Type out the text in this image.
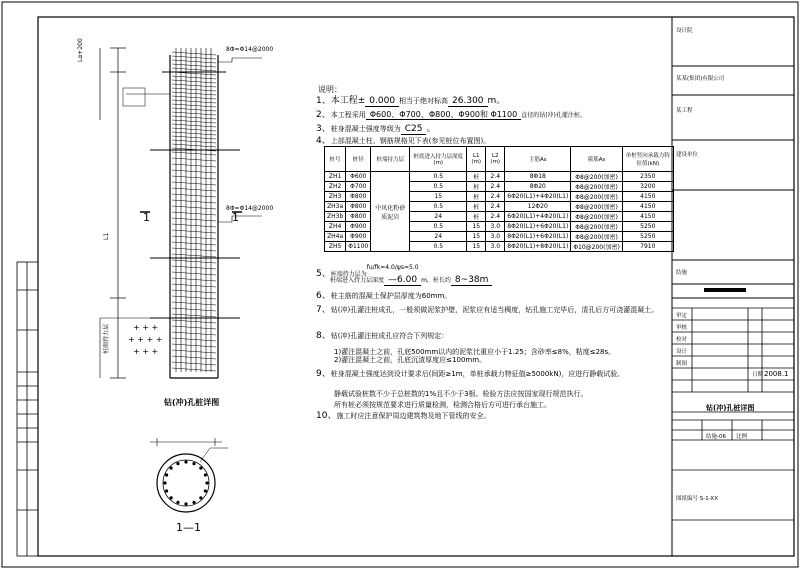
+ + +
+ + + +
+ + +
8Φ=Φ14@2000
8Φ=Φ14@2000
Lα+200
L1
1	1
桩端持力层
钻(冲)孔桩详图
1—1
说明：
1、本工程± 0.000 相当于绝对标高 26.300 m。
2、本工程采用 Φ600、Φ700、Φ800、Φ900和 Φ1100 直径的钻(冲)孔灌注桩。
3、桩身混凝土强度等级为 C25 。
4、上部混凝土柱、钢筋规格见下表(参见桩位布置图)。
桩号	桩径	桩端持力层	桩底进入持力层深度(m)	L1 (m)	L2 (m)	主筋As	箍筋As	单桩竖向承载力特征值(kN)
ZH1	Φ600	中风化粉砂质泥岩	0.5	桩	2.4	8Φ18	Φ8@200(加密)	2350
ZH2	Φ700		0.5	桩	2.4	8Φ20	Φ8@200(加密)	3200
ZH3	Φ800		15	桩	2.4	6Φ20(L1)+4Φ20(L1)	Φ8@200(加密)	4150
ZH3a	Φ800		0.5	桩	2.4	12Φ20	Φ8@200(加密)	4150
ZH3b	Φ800		24	桩	2.4	6Φ20(L1)+4Φ20(L1)	Φ8@200(加密)	4150
ZH4	Φ900		0.5	15	3.0	8Φ20(L1)+6Φ20(L1)	Φ8@200(加密)	5250
ZH4a	Φ900		24	15	3.0	8Φ20(L1)+6Φ20(L1)	Φ8@200(加密)	5250
ZH5	Φ1100		0.5	15	3.0	8Φ20(L1)+8Φ20(L1)	Φ10@200(加密)	7910
5、桩端持力层为$^{fu/fk=4.0/\psi s=5.0}$
桩端进入持力层深度 —6.00 m，桩长约 8~38m
6、桩主筋的混凝土保护层厚度为60mm。
7、钻(冲)孔灌注桩成孔，一般须做泥浆护壁，泥浆应有适当稠度，钻孔施工完毕后，清孔后方可浇灌混凝土。
8、钻(冲)孔灌注桩成孔应符合下列规定：
1)灌注混凝土之前，孔底500mm以内的泥浆比重应小于1.25；含砂率≤8%，粘度≤28s。
2)灌注混凝土之前，孔底沉渣厚度应≤100mm。
9、桩身混凝土强度达到设计要求后(间距≥1m，单桩承载力特征值≥5000kN)，应进行静载试验。
静载试验桩数不少于总桩数的1%且不少于3根。检验方法应按国家现行规范执行。
所有桩必须按规范要求进行质量检测，检测合格后方可进行承台施工。
10、施工时应注意保护周边建筑物及地下管线的安全。
设计院
某某(集团)有限公司
某工程
建设单位
结施
审定
审核
校对
设计
制图
日期 2008.1
钻(冲)孔桩详图
结施-06 比例
图纸编号 S-1-XX
